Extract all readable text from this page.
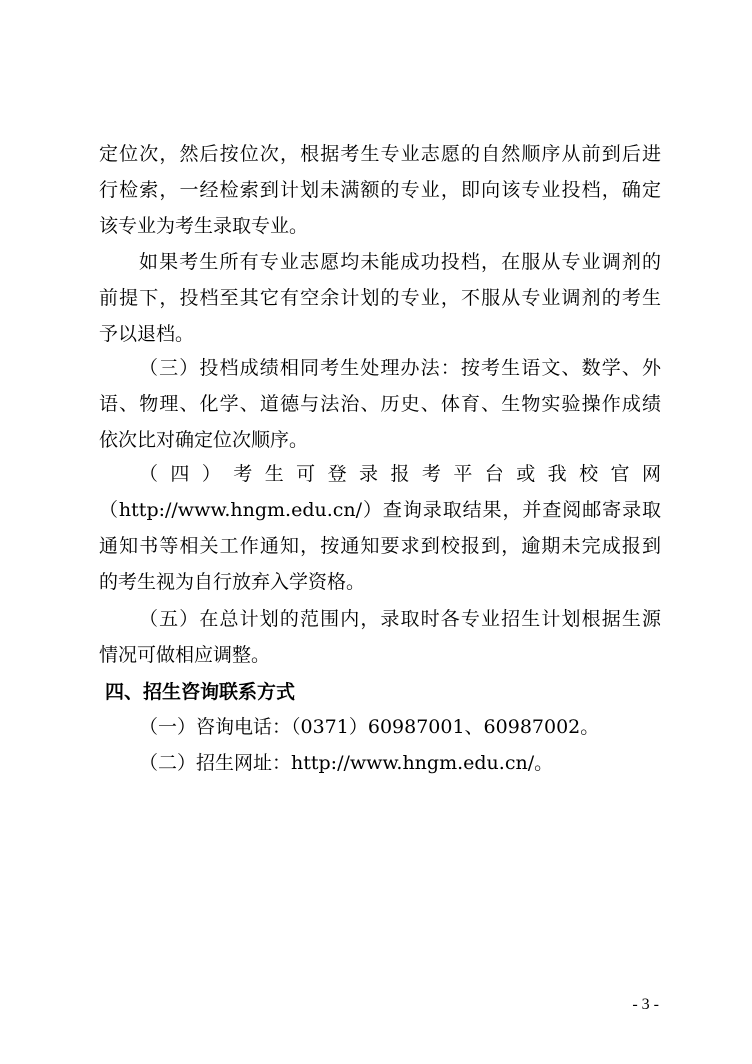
定位次，然后按位次，根据考生专业志愿的自然顺序从前到后进
行检索，一经检索到计划未满额的专业，即向该专业投档，确定
该专业为考生录取专业。
如果考生所有专业志愿均未能成功投档，在服从专业调剂的
前提下，投档至其它有空余计划的专业，不服从专业调剂的考生
予以退档。
（三）投档成绩相同考生处理办法：按考生语文、数学、外
语、物理、化学、道德与法治、历史、体育、生物实验操作成绩
依次比对确定位次顺序。
（四）考生可登录报考平台或我校官网
（http://www.hngm.edu.cn/）查询录取结果，并查阅邮寄录取
通知书等相关工作通知，按通知要求到校报到，逾期未完成报到
的考生视为自行放弃入学资格。
（五）在总计划的范围内，录取时各专业招生计划根据生源
情况可做相应调整。
四、招生咨询联系方式
（一）咨询电话：（0371）60987001、60987002。
（二）招生网址：http://www.hngm.edu.cn/。
- 3 -
